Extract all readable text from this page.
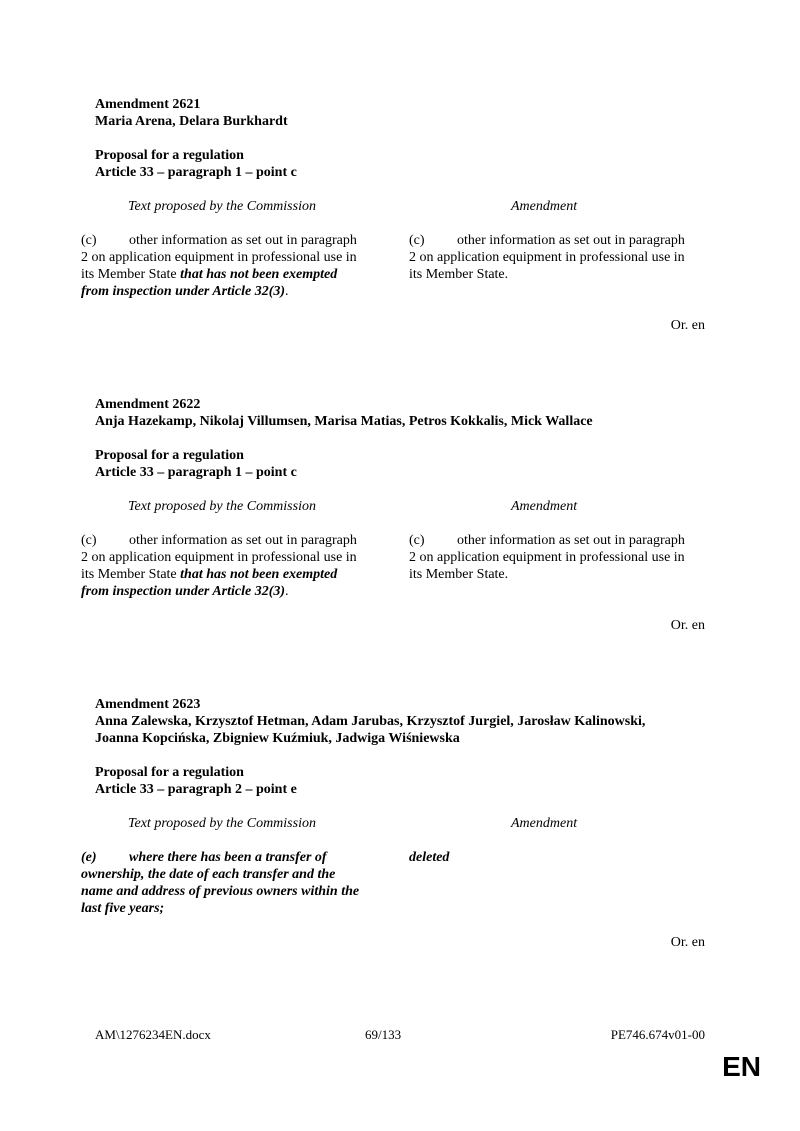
Amendment 2621

Maria Arena, Delara Burkhardt

Proposal for a regulation

Article 33 – paragraph 1 – point c

Text proposed by the Commission
(c) other information as set out in paragraph 2 on application equipment in professional use in its Member State that has not been exempted from inspection under Article 32(3).
Amendment
(c) other information as set out in paragraph 2 on application equipment in professional use in its Member State.
Or. en

Amendment 2622

Anja Hazekamp, Nikolaj Villumsen, Marisa Matias, Petros Kokkalis, Mick Wallace

Proposal for a regulation

Article 33 – paragraph 1 – point c

Text proposed by the Commission
(c) other information as set out in paragraph 2 on application equipment in professional use in its Member State that has not been exempted from inspection under Article 32(3).
Amendment
(c) other information as set out in paragraph 2 on application equipment in professional use in its Member State.
Or. en

Amendment 2623

Anna Zalewska, Krzysztof Hetman, Adam Jarubas, Krzysztof Jurgiel, Jarosław Kalinowski, Joanna Kopcińska, Zbigniew Kuźmiuk, Jadwiga Wiśniewska

Proposal for a regulation

Article 33 – paragraph 2 – point e

Text proposed by the Commission
(e) where there has been a transfer of ownership, the date of each transfer and the name and address of previous owners within the last five years;
Amendment
deleted
Or. en
AM\1276234EN.docx	69/133	PE746.674v01-00
EN
